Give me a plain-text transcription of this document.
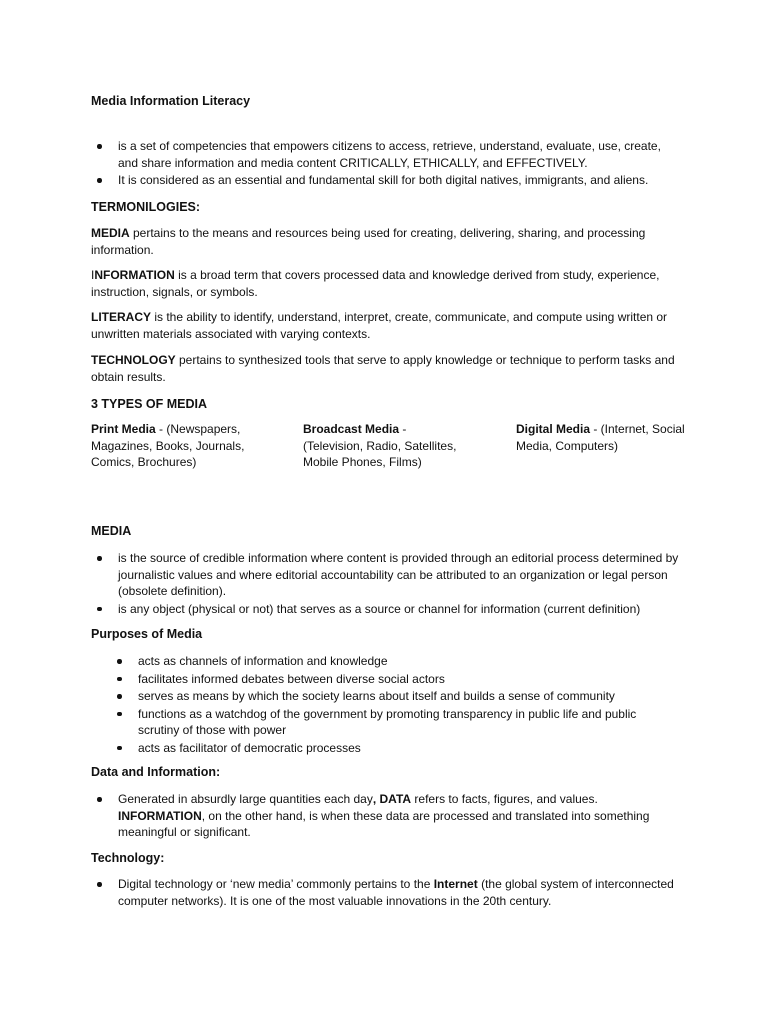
Media Information Literacy
is a set of competencies that empowers citizens to access, retrieve, understand, evaluate, use, create, and share information and media content CRITICALLY, ETHICALLY, and EFFECTIVELY.
It is considered as an essential and fundamental skill for both digital natives, immigrants, and aliens.
TERMONILOGIES:

MEDIA pertains to the means and resources being used for creating, delivering, sharing, and processing information.

INFORMATION is a broad term that covers processed data and knowledge derived from study, experience, instruction, signals, or symbols.

LITERACY is the ability to identify, understand, interpret, create, communicate, and compute using written or unwritten materials associated with varying contexts.

TECHNOLOGY pertains to synthesized tools that serve to apply knowledge or technique to perform tasks and obtain results.

3 TYPES OF MEDIA
Print Media - (Newspapers, Magazines, Books, Journals, Comics, Brochures)
Broadcast Media - (Television, Radio, Satellites, Mobile Phones, Films)
Digital Media - (Internet, Social Media, Computers)
MEDIA
is the source of credible information where content is provided through an editorial process determined by journalistic values and where editorial accountability can be attributed to an organization or legal person (obsolete definition).
is any object (physical or not) that serves as a source or channel for information (current definition)
Purposes of Media
acts as channels of information and knowledge
facilitates informed debates between diverse social actors
serves as means by which the society learns about itself and builds a sense of community
functions as a watchdog of the government by promoting transparency in public life and public scrutiny of those with power
acts as facilitator of democratic processes
Data and Information:
Generated in absurdly large quantities each day, DATA refers to facts, figures, and values.
INFORMATION, on the other hand, is when these data are processed and translated into something meaningful or significant.
Technology:
Digital technology or ‘new media’ commonly pertains to the Internet (the global system of interconnected computer networks). It is one of the most valuable innovations in the 20th century.
